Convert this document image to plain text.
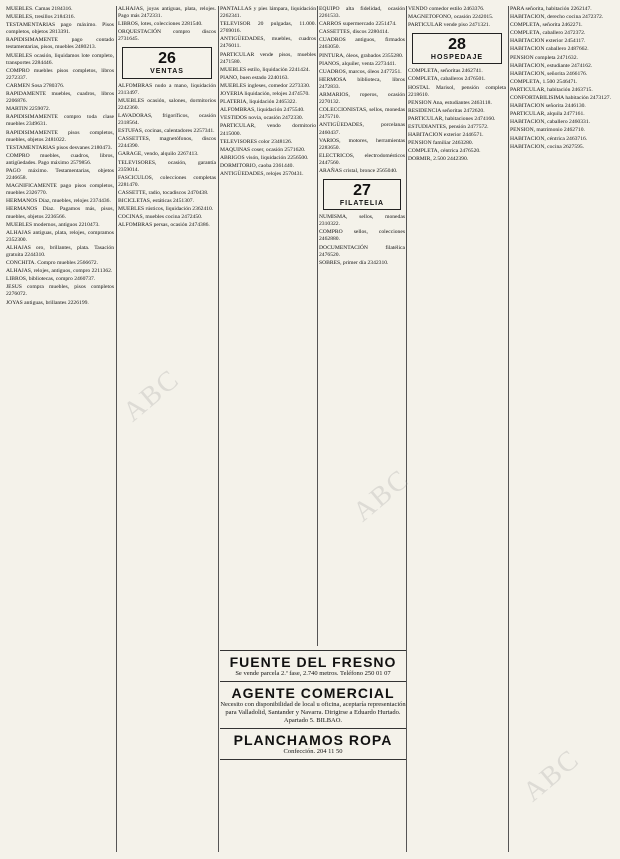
MUEBLES. Camas 2184316.

MUEBLES, tresillos 2184316.

TESTAMENTARIAS pago máximo. Pisos completos, objetos 2813391.

RAPIDISIMAMENTE pago contado testamentarias, pisos, muebles 2480213.

MUEBLES ocasión, liquidamos lote completo, transportes 2284446.

COMPRO muebles pisos completos, libros 2272337.

CARMEN Sosa 2780376.

RAPIDAMENTE muebles, cuadros, libros 2206876.

MARTIN 2259072.

RAPIDISIMAMENTE compro toda clase muebles 2349631.

RAPIDISIMAMENTE pisos completos, muebles, objetos 2481022.

TESTAMENTARIAS pisos desvanes 2180473.

COMPRO muebles, cuadros, libros, antigüedades. Pago máximo 2579856.

PAGO máximo. Testamentarias, objetos 2246658.

MAGNIFICAMENTE pago pisos completos, muebles 2326770.

HERMANOS Díaz, muebles, relojes 2374436.

HERMANOS Díaz. Pagamos más, pisos, muebles, objetos 2236566.

MUEBLES modernos, antiguos 2210473.

ALHAJAS antiguas, plata, relojes, compramos 2352300.

ALHAJAS oro, brillantes, plata. Tasación gratuita 2244310.

CONCHITA. Compro muebles 2566672.

ALHAJAS, relojes, antiguos, compro 2211362.

LIBROS, bibliotecas, compro 2460737.

JESUS compra muebles, pisos completos 2276072.

JOYAS antiguas, brillantes 2226199.

ALHAJAS, joyas antiguas, plata, relojes. Pago más 2472331.

LIBROS, lotes, colecciones 2281540.

ORQUESTACIÓN compro discos 2731645.

26
VENTAS

ALFOMBRAS nudo a mano, liquidación 2313497.

MUEBLES ocasión, salones, dormitorios 2242360.

LAVADORAS, frigoríficos, ocasión 2318564.

ESTUFAS, cocinas, calentadores 2257341.

CASSETTES, magnetófonos, discos 2244390.

GARAGE, vendo, alquilo 2267413.

TELEVISORES, ocasión, garantía 2359014.

FASCICULOS, colecciones completas 2281470.

CASSETTE, radio, tocadiscos 2470438.

BICICLETAS, estáticas 2451307.

MUEBLES rústicos, liquidación 2362410.

COCINAS, muebles cocina 2472450.

ALFOMBRAS persas, ocasión 2474386.

PANTALLAS y pies lámpara, liquidación 2262341.

TELEVISOR 20 pulgadas, 11.000. 2769016.

ANTIGÜEDADES, muebles, cuadros 2476011.

PARTICULAR vende pisos, muebles 2471580.

MUEBLES estilo, liquidación 2241424.

PIANO, buen estado 2240163.

MUEBLES ingleses, comedor 2273330.

JOYERIA liquidación, relojes 2474570.

PLATERIA, liquidación 2465322.

ALFOMBRAS, liquidación 2475540.

VESTIDOS novia, ocasión 2472330.

PARTICULAR, vendo dormitorio 2415000.

TELEVISORES color 2348126.

MAQUINAS coser, ocasión 2571620.

ABRIGOS visón, liquidación 2256500.

DORMITORIO, caoba 2361440.

ANTIGÜEDADES, relojes 2570431.

EQUIPO alta fidelidad, ocasión 2261533.

CARROS supermercado 2251474.

CASSETTES, discos 2280414.

CUADROS antiguos, firmados 2463050.

PINTURA, óleos, grabados 2355280.

PIANOS, alquiler, venta 2273441.

CUADROS, marcos, óleos 2477251.

HERMOSA biblioteca, libros 2472833.

ARMARIOS, roperos, ocasión 2270132.

COLECCIONISTAS, sellos, monedas 2475710.

ANTIGÜEDADES, porcelanas 2460437.

VARIOS, motores, herramientas 2283650.

ELECTRICOS, electrodomésticos 2447560.

ARAÑAS cristal, bronce 2565040.

27
FILATELIA

NUMISMA, sellos, monedas 2310322.

COMPRO sellos, colecciones 2462880.

DOCUMENTACIÓN filatélica 2476520.

SOBRES, primer día 2342310.

VENDO comedor estilo 2463376.

MAGNETOFONO, ocasión 2242015.

PARTICULAR vende piso 2471321.

28
HOSPEDAJE

COMPLETA, señoritas 2462741.

COMPLETA, caballeros 2476501.

HOSTAL Marisol, pensión completa 2218610.

PENSION Ana, estudiantes 2463118.

RESIDENCIA señoritas 2472620.

PARTICULAR, habitaciones 2474160.

ESTUDIANTES, pensión 2477572.

HABITACION exterior 2446571.

PENSION familiar 2463280.

COMPLETA, céntrica 2476520.

DORMIR, 2.500 2442390.

PARA señorita, habitación 2262147.

HABITACION, derecho cocina 2472372.

COMPLETA, señorita 2462271.

COMPLETA, caballero 2472372.

HABITACION exterior 2454117.

HABITACION caballero 2487662.

PENSION completa 2471632.

HABITACION, estudiante 2474162.

HABITACION, señorita 2466176.

COMPLETA, 1.500 2546471.

PARTICULAR, habitación 2463715.

CONFORTABILISIMA habitación 2473127.

HABITACION señorita 2446130.

PARTICULAR, alquila 2477161.

HABITACION, caballero 2460331.

PENSION, matrimonio 2462710.

HABITACION, céntrica 2463716.

HABITACION, cocina 2627595.

FUENTE DEL FRESNO
Se vende parcela 2.ª fase, 2.740 metros. Teléfono 250 01 07
AGENTE COMERCIAL
Necesito con disponibilidad de local u oficina, aceptaría representación para Valladolid, Santander y Navarra. Dirigirse a Eduardo Hurtado. Apartado 5. BILBAO.
PLANCHAMOS ROPA
Confección. 204 11 50
ABC
ABC
ABC
